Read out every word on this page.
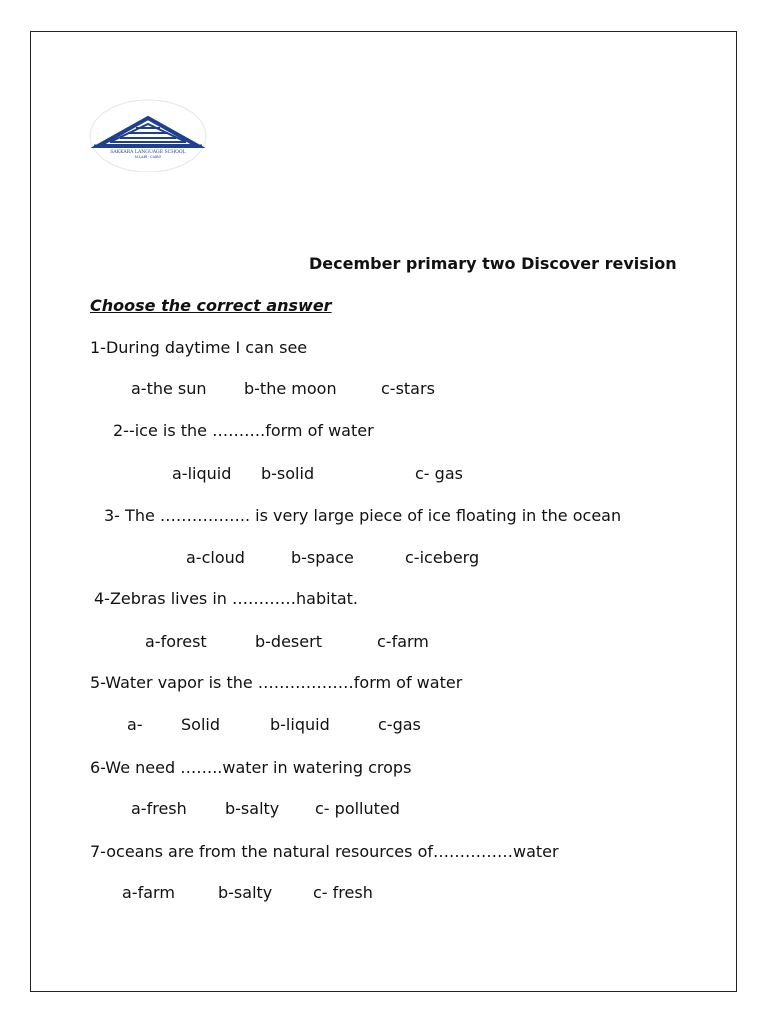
SAKKARA LANGUAGE SCHOOL
M.LABI - CAIRO
December primary two Discover revision
Choose the correct answer
1-During daytime I can see
a-the sun b-the moon	c-stars
2--ice is the ……….form of water
a-liquid b-solid	c- gas
3- The …………….. is very large piece of ice floating in the ocean
a-cloud	b-space	c-iceberg
4-Zebras lives in …………habitat.
a-forest	b-desert	c-farm
5-Water vapor is the ………………form of water
a- Solid	b-liquid	c-gas
6-We need ……..water in watering crops
a-fresh b-salty c- polluted
7-oceans are from the natural resources of……………water
a-farm	b-salty	c- fresh
